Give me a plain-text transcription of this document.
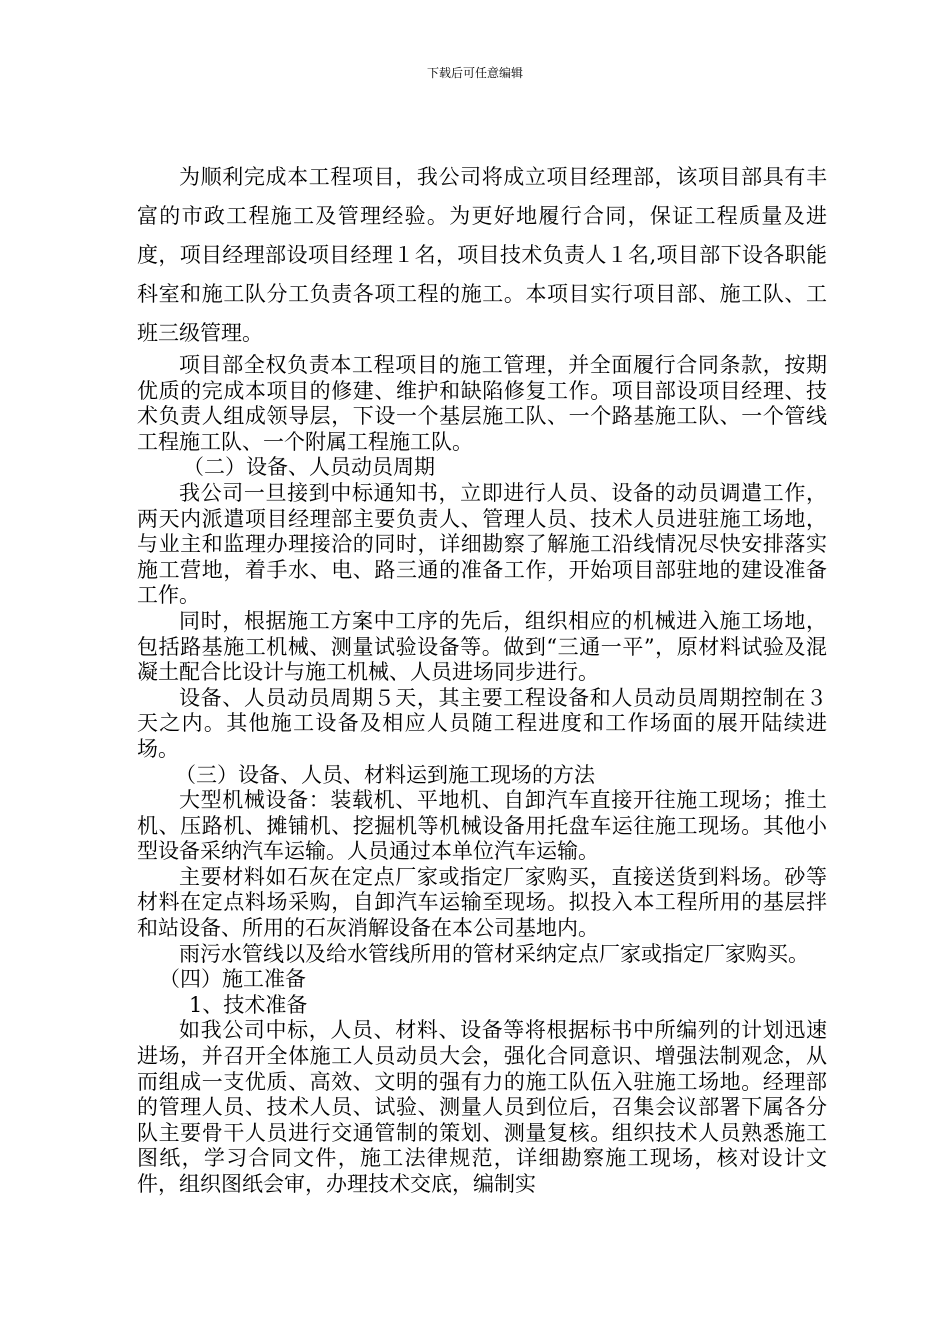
下载后可任意编辑

为顺利完成本工程项目，我公司将成立项目经理部，该项目部具有丰富的市政工程施工及管理经验。为更好地履行合同，保证工程质量及进度，项目经理部设项目经理１名，项目技术负责人１名,项目部下设各职能科室和施工队分工负责各项工程的施工。本项目实行项目部、施工队、工班三级管理。

项目部全权负责本工程项目的施工管理，并全面履行合同条款，按期优质的完成本项目的修建、维护和缺陷修复工作。项目部设项目经理、技术负责人组成领导层，下设一个基层施工队、一个路基施工队、一个管线工程施工队、一个附属工程施工队。

（二）设备、人员动员周期

我公司一旦接到中标通知书，立即进行人员、设备的动员调遣工作，两天内派遣项目经理部主要负责人、管理人员、技术人员进驻施工场地，与业主和监理办理接洽的同时，详细勘察了解施工沿线情况尽快安排落实施工营地，着手水、电、路三通的准备工作，开始项目部驻地的建设准备工作。

同时，根据施工方案中工序的先后，组织相应的机械进入施工场地，包括路基施工机械、测量试验设备等。做到“三通一平”，原材料试验及混凝土配合比设计与施工机械、人员进场同步进行。

设备、人员动员周期５天，其主要工程设备和人员动员周期控制在３天之内。其他施工设备及相应人员随工程进度和工作场面的展开陆续进场。

（三）设备、人员、材料运到施工现场的方法

大型机械设备：装载机、平地机、自卸汽车直接开往施工现场；推土机、压路机、摊铺机、挖掘机等机械设备用托盘车运往施工现场。其他小型设备采纳汽车运输。人员通过本单位汽车运输。

主要材料如石灰在定点厂家或指定厂家购买，直接送货到料场。砂等材料在定点料场采购，自卸汽车运输至现场。拟投入本工程所用的基层拌和站设备、所用的石灰消解设备在本公司基地内。

雨污水管线以及给水管线所用的管材采纳定点厂家或指定厂家购买。

（四）施工准备

1、技术准备

如我公司中标，人员、材料、设备等将根据标书中所编列的计划迅速进场，并召开全体施工人员动员大会，强化合同意识、增强法制观念，从而组成一支优质、高效、文明的强有力的施工队伍入驻施工场地。经理部的管理人员、技术人员、试验、测量人员到位后，召集会议部署下属各分队主要骨干人员进行交通管制的策划、测量复核。组织技术人员熟悉施工图纸，学习合同文件，施工法律规范，详细勘察施工现场，核对设计文件，组织图纸会审，办理技术交底，编制实
